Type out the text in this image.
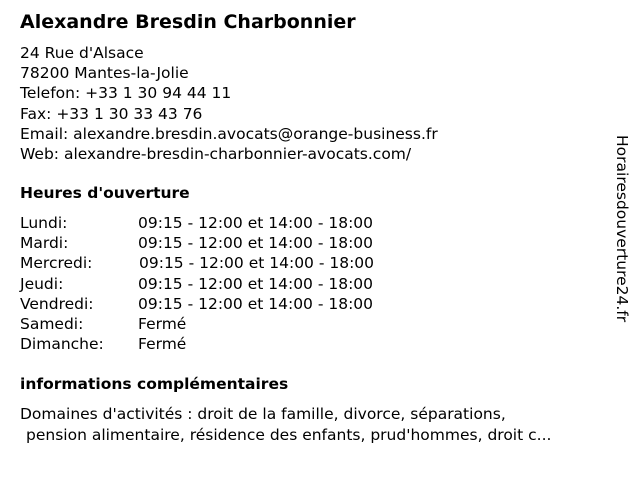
Alexandre Bresdin Charbonnier
24 Rue d'Alsace
78200 Mantes-la-Jolie
Telefon: +33 1 30 94 44 11
Fax: +33 1 30 33 43 76
Email: alexandre.bresdin.avocats@orange-business.fr
Web: alexandre-bresdin-charbonnier-avocats.com/
Heures d'ouverture
Lundi:	09:15 - 12:00 et 14:00 - 18:00
Mardi:	09:15 - 12:00 et 14:00 - 18:00
Mercredi:	09:15 - 12:00 et 14:00 - 18:00
Jeudi:	09:15 - 12:00 et 14:00 - 18:00
Vendredi:	09:15 - 12:00 et 14:00 - 18:00
Samedi:	Fermé
Dimanche: Fermé
informations complémentaires
Domaines d'activités : droit de la famille, divorce, séparations,
pension alimentaire, résidence des enfants, prud'hommes, droit c...
Horairesdouverture24.fr
